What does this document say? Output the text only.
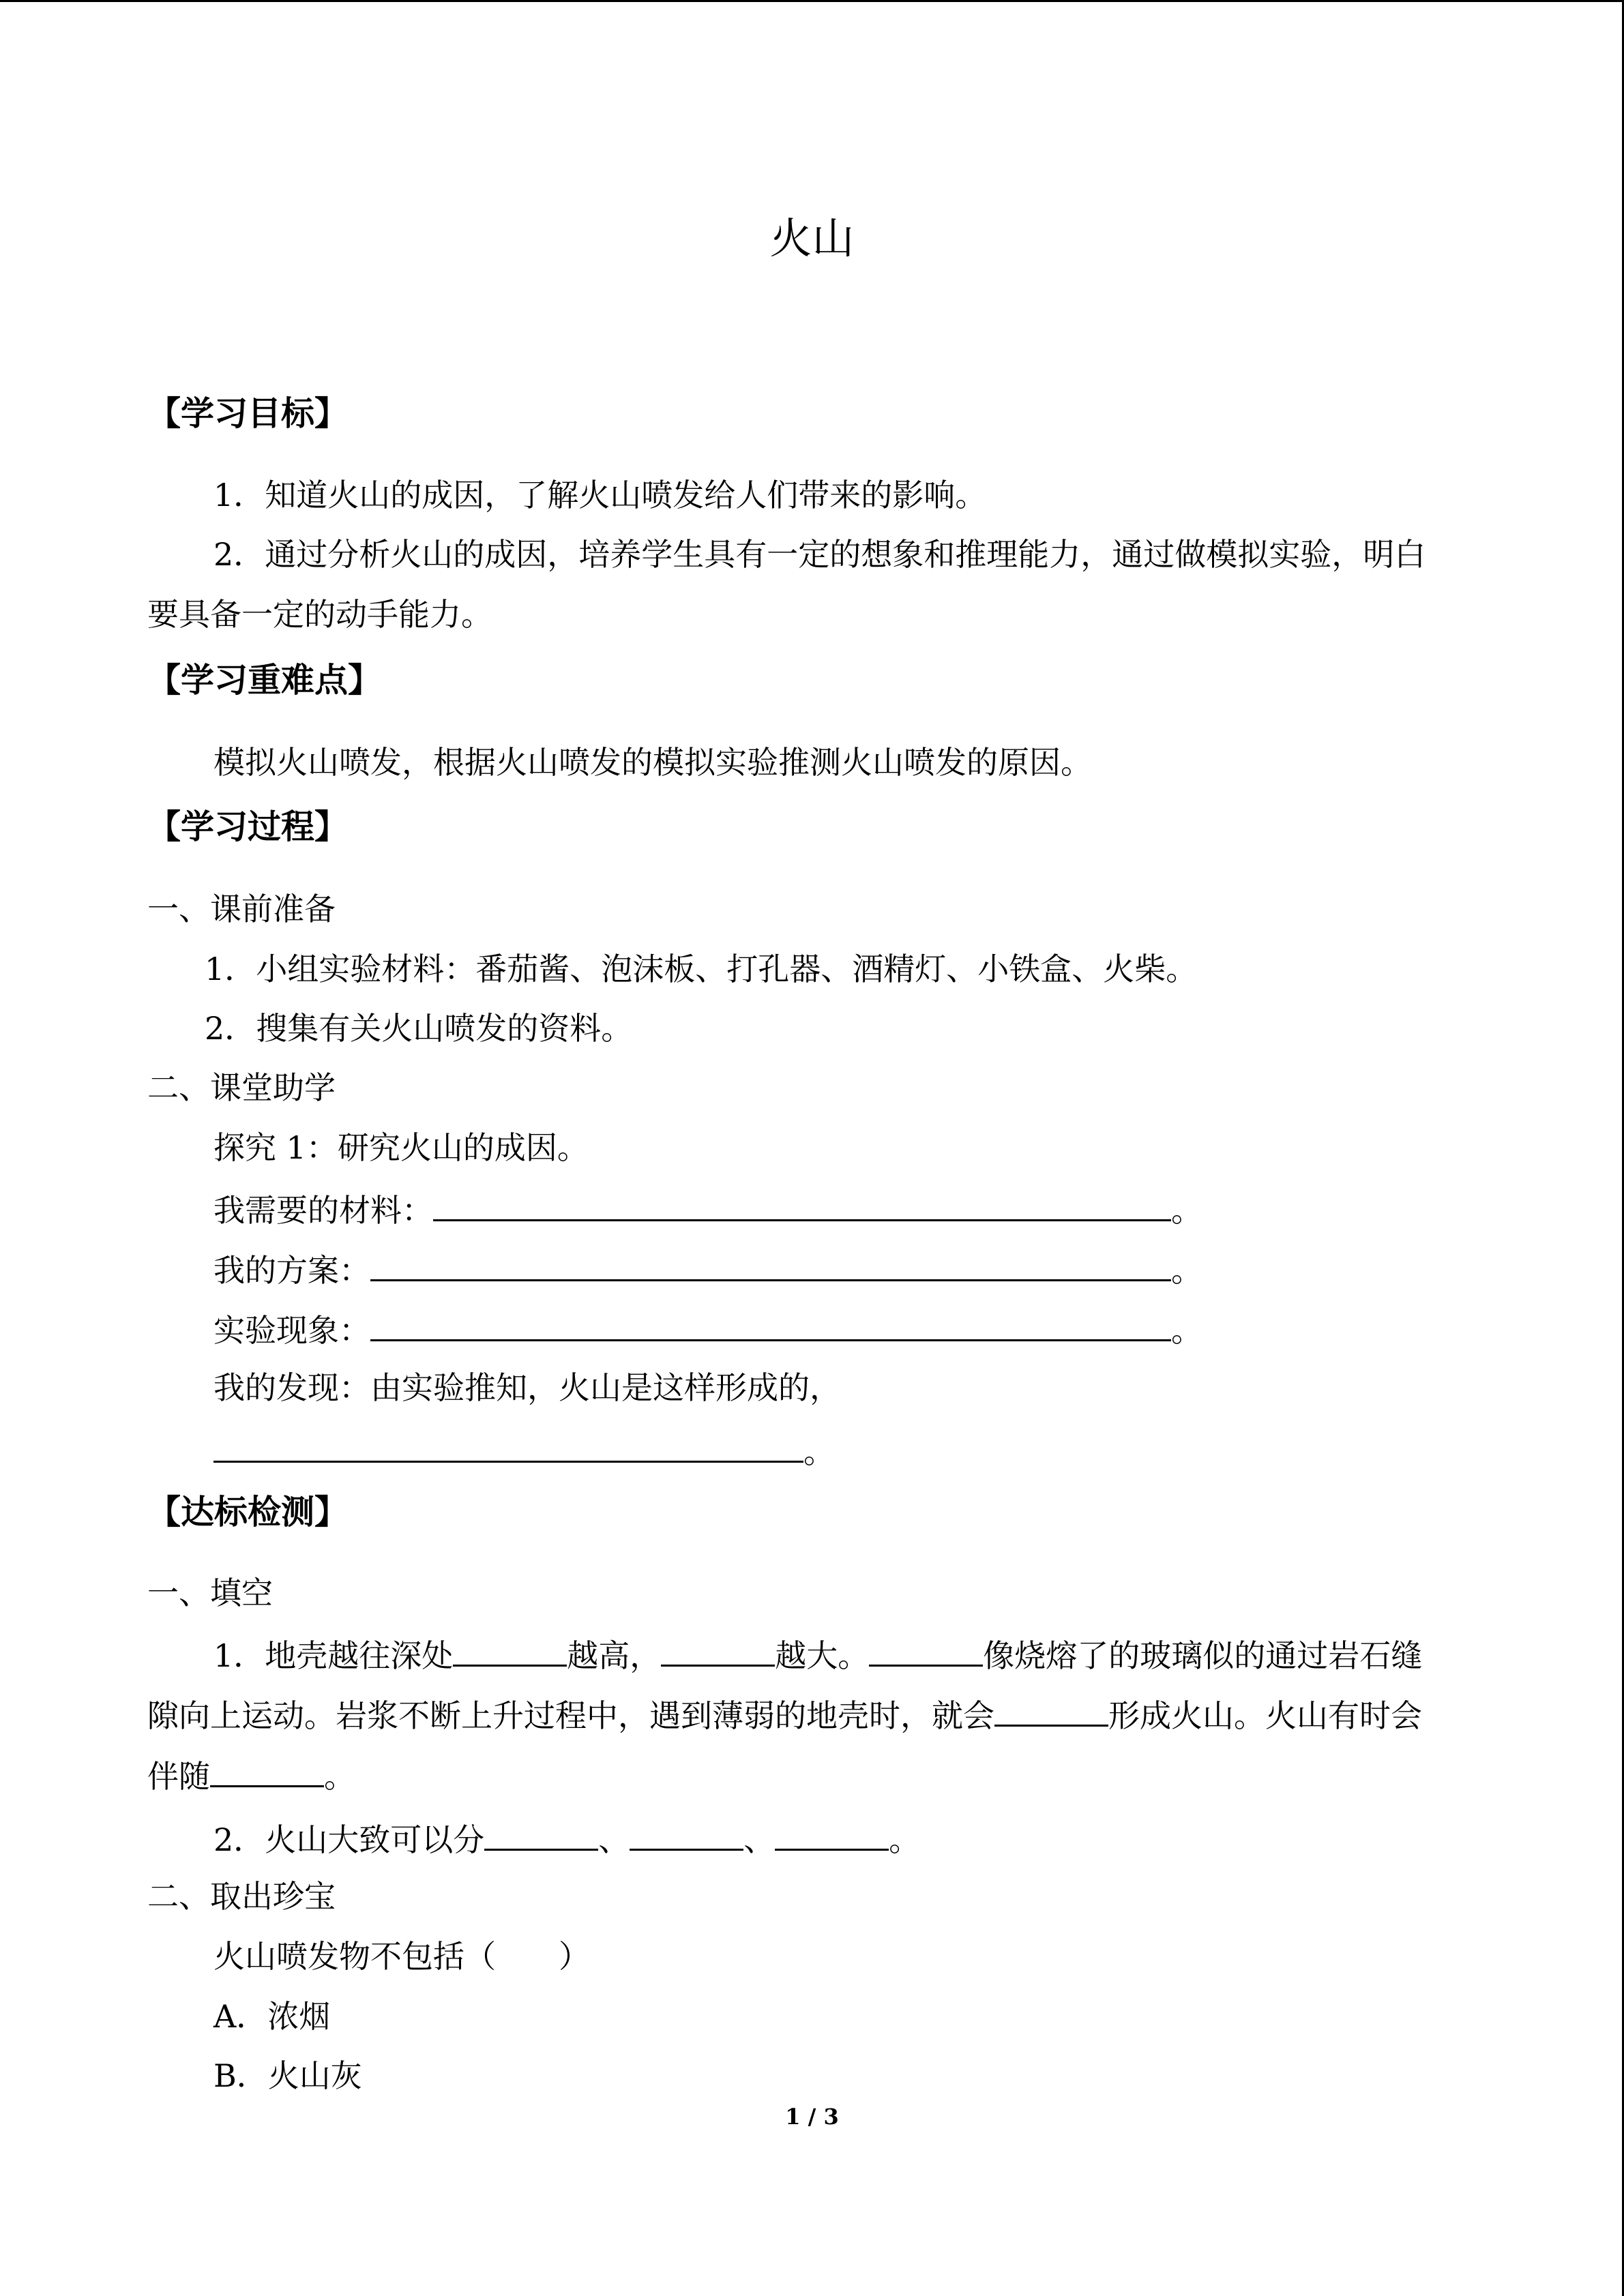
火山
【学习目标】
1．知道火山的成因，了解火山喷发给人们带来的影响。
2．通过分析火山的成因，培养学生具有一定的想象和推理能力，通过做模拟实验，明白
要具备一定的动手能力。
【学习重难点】
模拟火山喷发，根据火山喷发的模拟实验推测火山喷发的原因。
【学习过程】
一、课前准备
1．小组实验材料：番茄酱、泡沫板、打孔器、酒精灯、小铁盒、火柴。
2．搜集有关火山喷发的资料。
二、课堂助学
探究 1：研究火山的成因。
我需要的材料：	。
我的方案：	。
实验现象：	。
我的发现：由实验推知，火山是这样形成的，
。
【达标检测】
一、填空
1．地壳越往深处	越高，	越大。	像烧熔了的玻璃似的通过岩石缝
隙向上运动。岩浆不断上升过程中，遇到薄弱的地壳时，就会	形成火山。火山有时会
伴随	。
2．火山大致可以分	、	、	。
二、取出珍宝
火山喷发物不包括（　　）
A．浓烟
B．火山灰
1 / 3
